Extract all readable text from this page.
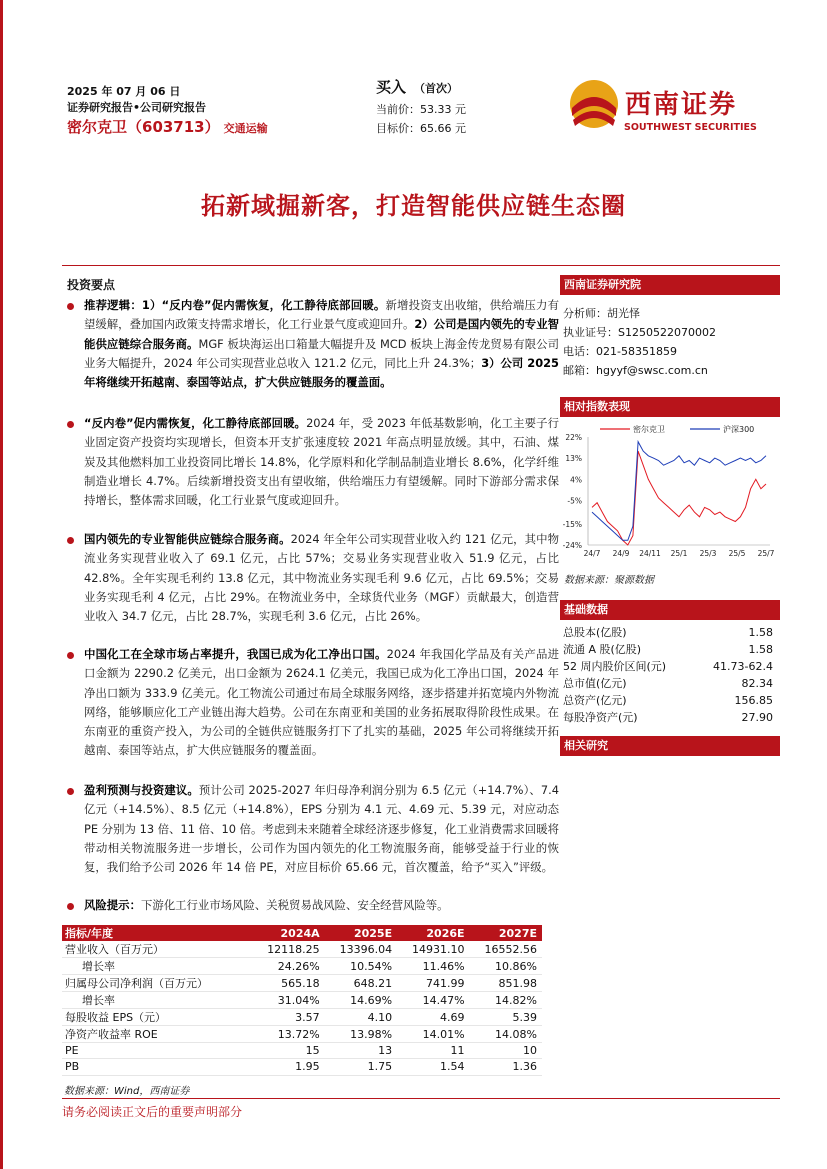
2025 年 07 月 06 日
证券研究报告•公司研究报告
密尔克卫（603713） 交通运输
买入 （首次）
当前价：53.33 元
目标价：65.66 元
西南证券
SOUTHWEST SECURITIES
拓新域掘新客，打造智能供应链生态圈
投资要点

推荐逻辑：1）“反内卷”促内需恢复，化工静待底部回暖。新增投资支出收缩，供给端压力有望缓解，叠加国内政策支持需求增长，化工行业景气度或迎回升。2）公司是国内领先的专业智能供应链综合服务商。MGF 板块海运出口箱量大幅提升及 MCD 板块上海金传龙贸易有限公司业务大幅提升，2024 年公司实现营业总收入 121.2 亿元，同比上升 24.3%；3）公司 2025 年将继续开拓越南、泰国等站点，扩大供应链服务的覆盖面。

“反内卷”促内需恢复，化工静待底部回暖。2024 年，受 2023 年低基数影响，化工主要子行业固定资产投资均实现增长，但资本开支扩张速度较 2021 年高点明显放缓。其中，石油、煤炭及其他燃料加工业投资同比增长 14.8%，化学原料和化学制品制造业增长 8.6%，化学纤维制造业增长 4.7%。后续新增投资支出有望收缩，供给端压力有望缓解。同时下游部分需求保持增长，整体需求回暖，化工行业景气度或迎回升。

国内领先的专业智能供应链综合服务商。2024 年全年公司实现营业收入约 121 亿元，其中物流业务实现营业收入了 69.1 亿元，占比 57%；交易业务实现营业收入 51.9 亿元，占比 42.8%。全年实现毛利约 13.8 亿元，其中物流业务实现毛利 9.6 亿元，占比 69.5%；交易业务实现毛利 4 亿元，占比 29%。在物流业务中，全球货代业务（MGF）贡献最大，创造营业收入 34.7 亿元，占比 28.7%，实现毛利 3.6 亿元，占比 26%。

中国化工在全球市场占率提升，我国已成为化工净出口国。2024 年我国化学品及有关产品进口金额为 2290.2 亿美元，出口金额为 2624.1 亿美元，我国已成为化工净出口国，2024 年净出口额为 333.9 亿美元。化工物流公司通过布局全球服务网络，逐步搭建并拓宽境内外物流网络，能够顺应化工产业链出海大趋势。公司在东南亚和美国的业务拓展取得阶段性成果。在东南亚的重资产投入，为公司的全链供应链服务打下了扎实的基础，2025 年公司将继续开拓越南、泰国等站点，扩大供应链服务的覆盖面。

盈利预测与投资建议。预计公司 2025-2027 年归母净利润分别为 6.5 亿元（+14.7%）、7.4 亿元（+14.5%）、8.5 亿元（+14.8%），EPS 分别为 4.1 元、4.69 元、5.39 元，对应动态 PE 分别为 13 倍、11 倍、10 倍。考虑到未来随着全球经济逐步修复，化工业消费需求回暖将带动相关物流服务进一步增长，公司作为国内领先的化工物流服务商，能够受益于行业的恢复，我们给予公司 2026 年 14 倍 PE，对应目标价 65.66 元，首次覆盖，给予“买入”评级。

风险提示：下游化工行业市场风险、关税贸易战风险、安全经营风险等。

西南证券研究院
分析师：胡光怿
执业证号：S1250522070002
电话：021-58351859
邮箱：hgyyf@swsc.com.cn
相对指数表现
22%
13%
4%
-5%
-15%
-24%
24/7 24/9 24/11 25/1 25/3 25/5 25/7
密尔克卫	沪深300
数据来源：聚源数据
基础数据
总股本(亿股)	1.58
流通 A 股(亿股)	1.58
52 周内股价区间(元)	41.73-62.4
总市值(亿元)	82.34
总资产(亿元)	156.85
每股净资产(元)	27.90
相关研究
指标/年度	2024A	2025E	2026E	2027E
营业收入（百万元）	12118.25	13396.04	14931.10	16552.56
增长率	24.26%	10.54%	11.46%	10.86%
归属母公司净利润（百万元）	565.18	648.21	741.99	851.98
增长率	31.04%	14.69%	14.47%	14.82%
每股收益 EPS（元）	3.57	4.10	4.69	5.39
净资产收益率 ROE	13.72%	13.98%	14.01%	14.08%
PE	15	13	11	10
PB	1.95	1.75	1.54	1.36
数据来源：Wind，西南证券
请务必阅读正文后的重要声明部分
